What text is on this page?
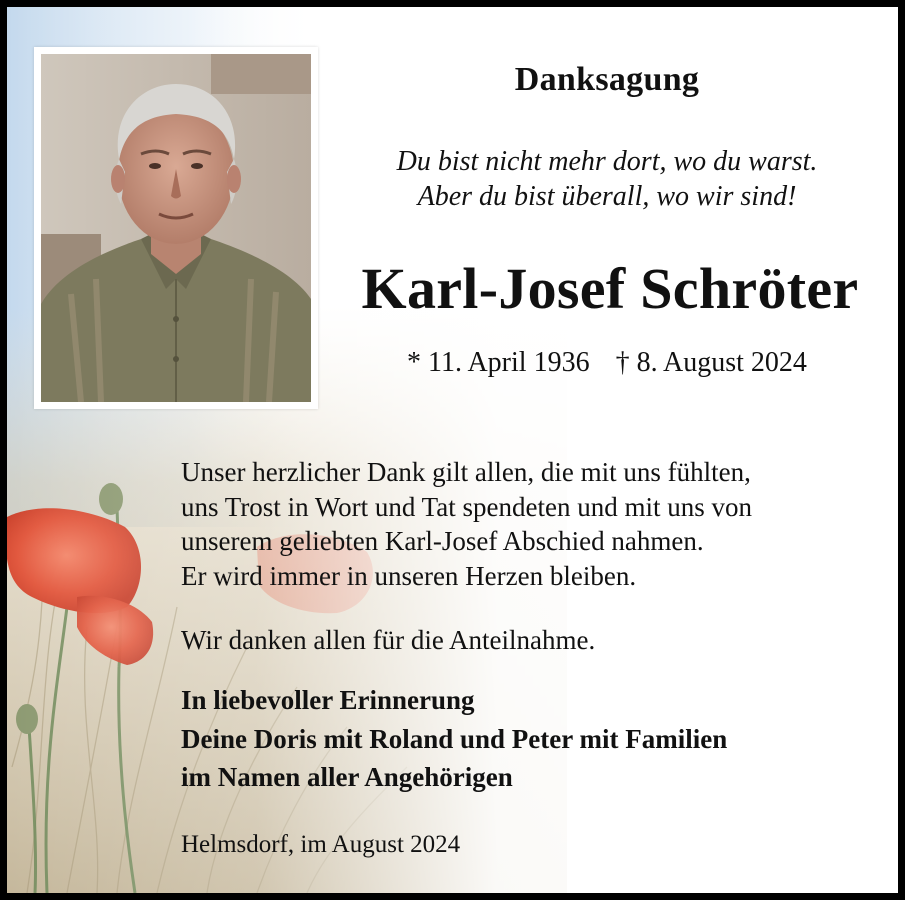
Danksagung
Du bist nicht mehr dort, wo du warst.
Aber du bist überall, wo wir sind!
Karl-Josef Schröter
* 11. April 1936 † 8. August 2024
Unser herzlicher Dank gilt allen, die mit uns fühlten,
uns Trost in Wort und Tat spendeten und mit uns von
unserem geliebten Karl-Josef Abschied nahmen.
Er wird immer in unseren Herzen bleiben.
Wir danken allen für die Anteilnahme.
In liebevoller Erinnerung
Deine Doris mit Roland und Peter mit Familien
im Namen aller Angehörigen
Helmsdorf, im August 2024
